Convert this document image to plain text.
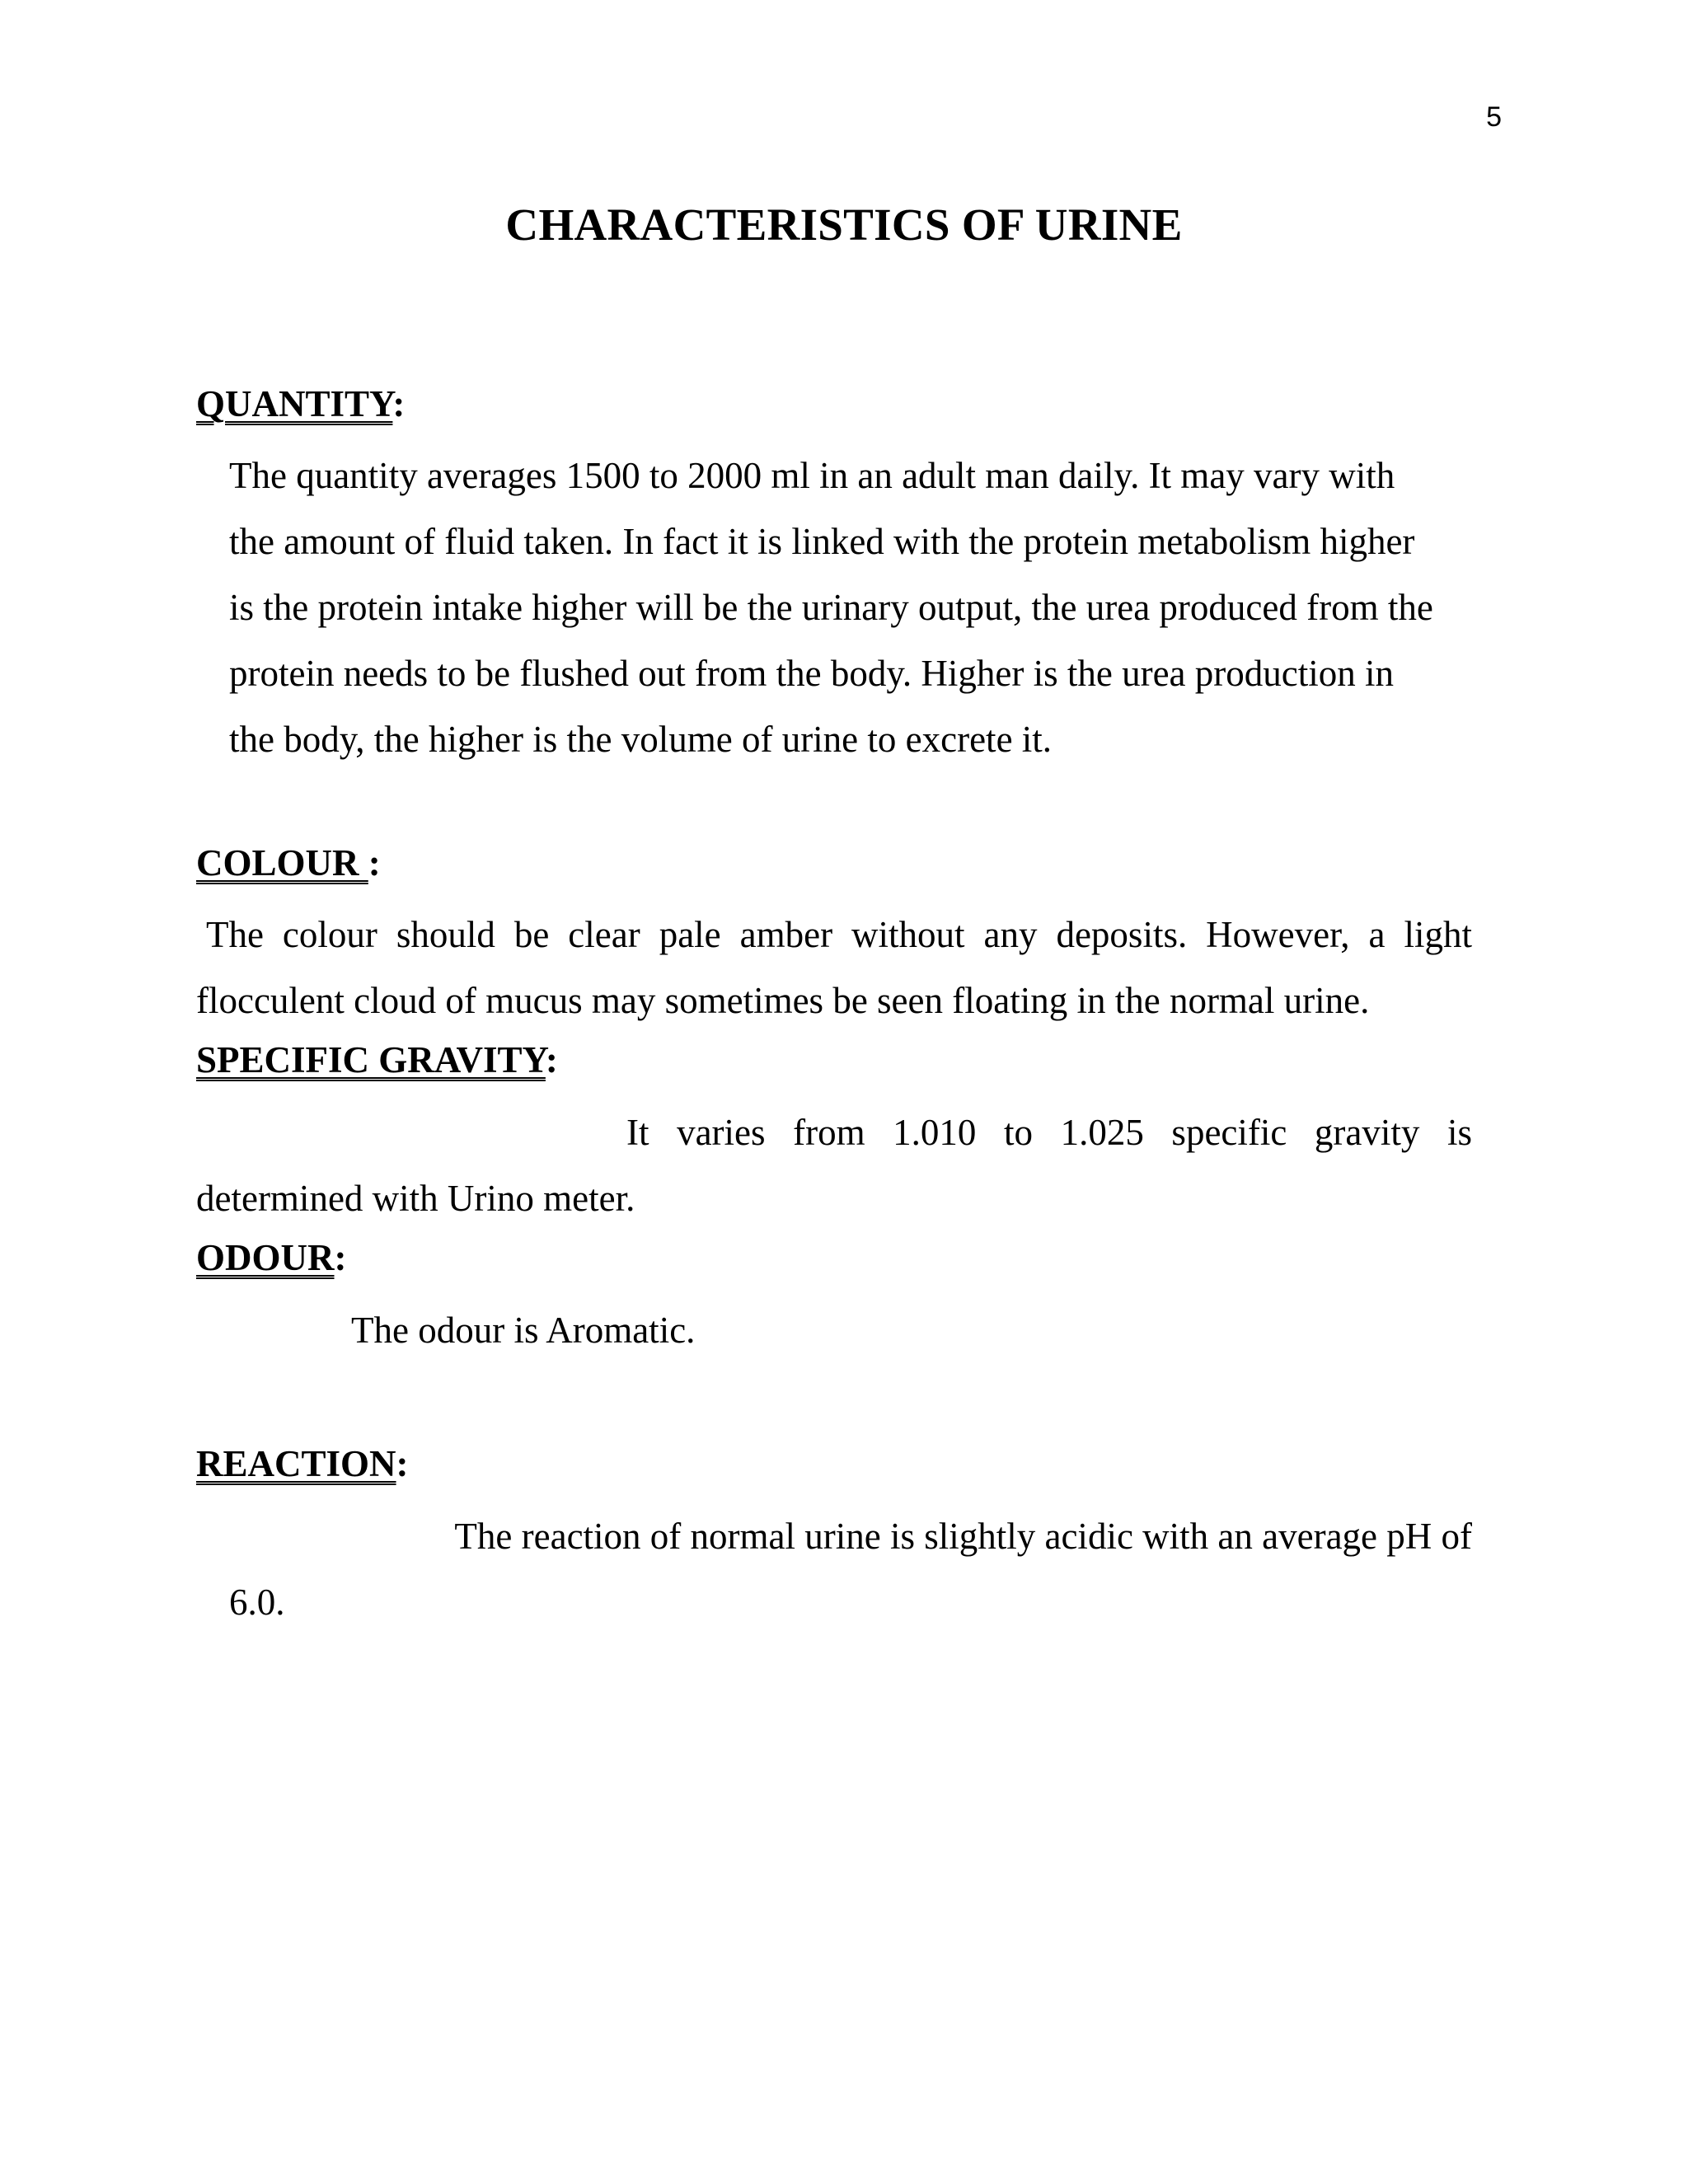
5
CHARACTERISTICS OF URINE
QUANTITY:
The quantity averages 1500 to 2000 ml in an adult man daily. It may vary with
the amount of fluid taken. In fact it is linked with the protein metabolism higher
is the protein intake higher will be the urinary output, the urea produced from the
protein needs to be flushed out from the body. Higher is the urea production in
the body, the higher is the volume of urine to excrete it.
COLOUR :
The colour should be clear pale amber without any deposits. However, a light
flocculent cloud of mucus may sometimes be seen floating in the normal urine.
SPECIFIC GRAVITY:
It varies from 1.010 to 1.025 specific gravity is
determined with Urino meter.
ODOUR:
The odour is Aromatic.
REACTION:
The reaction of normal urine is slightly acidic with an average pH of
6.0.
